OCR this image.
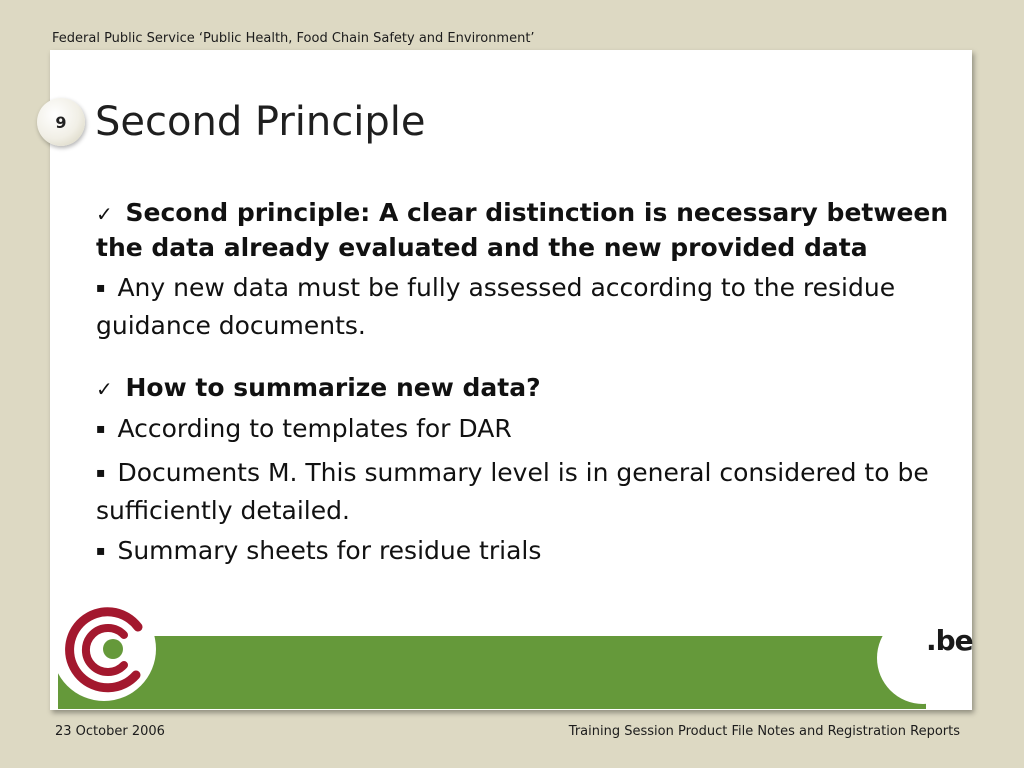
Federal Public Service ‘Public Health, Food Chain Safety and Environment’
9 Second Principle

✓ Second principle: A clear distinction is necessary between the data already evaluated and the new provided data

▪ Any new data must be fully assessed according to the residue guidance documents.

✓ How to summarize new data?

▪ According to templates for DAR

▪ Documents M. This summary level is in general considered to be sufficiently detailed.

▪ Summary sheets for residue trials

.be
23 October 2006	Training Session Product File Notes and Registration Reports
